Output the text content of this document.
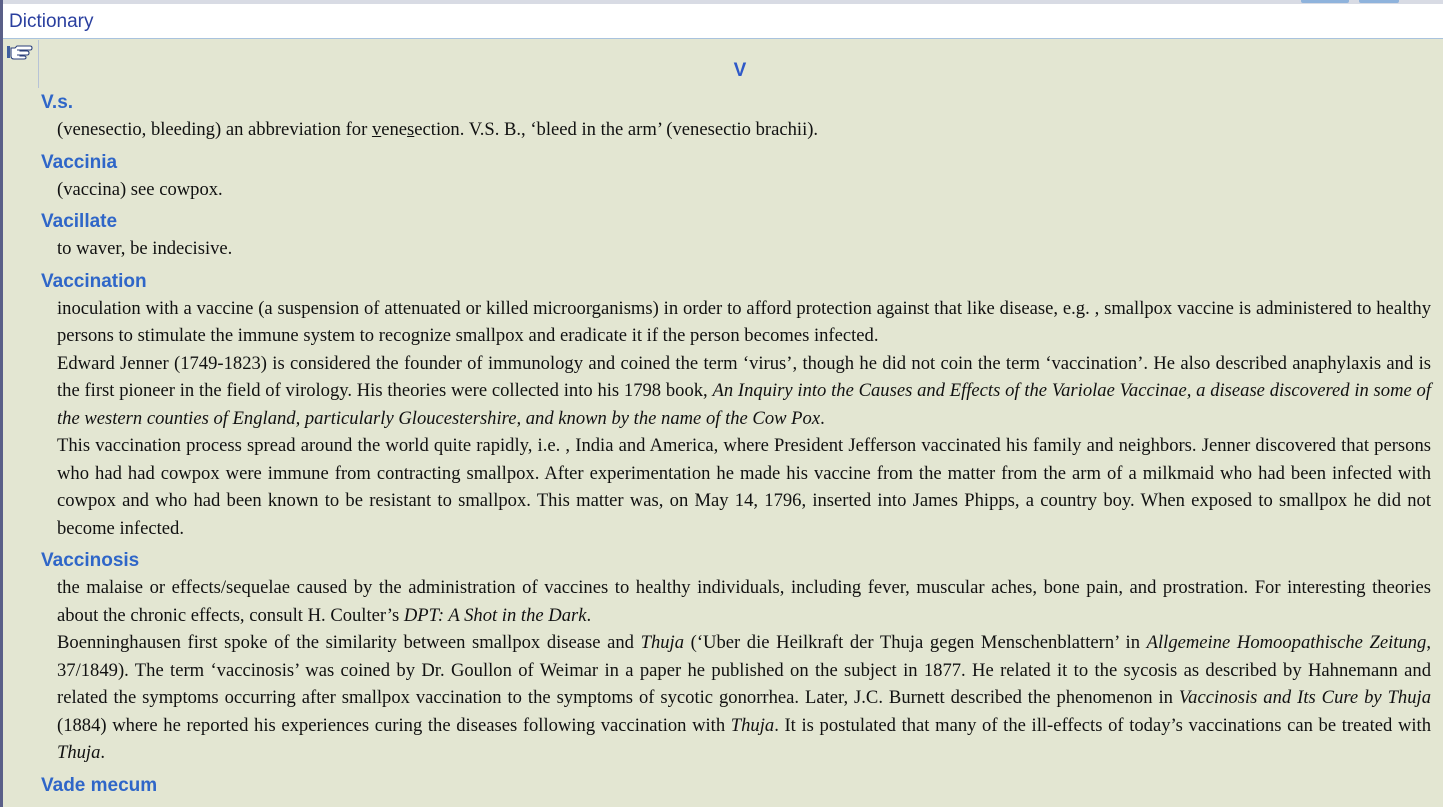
Dictionary
V
V.s.

(venesectio, bleeding) an abbreviation for venesection. V.S. B., ‘bleed in the arm’ (venesectio brachii).

Vaccinia

(vaccina) see cowpox.

Vacillate

to waver, be indecisive.

Vaccination

inoculation with a vaccine (a suspension of attenuated or killed microorganisms) in order to afford protection against that like disease, e.g. , smallpox vaccine is administered to healthy persons to stimulate the immune system to recognize smallpox and eradicate it if the person becomes infected.

Edward Jenner (1749-1823) is considered the founder of immunology and coined the term ‘virus’, though he did not coin the term ‘vaccination’. He also described anaphylaxis and is the first pioneer in the field of virology. His theories were collected into his 1798 book, An Inquiry into the Causes and Effects of the Variolae Vaccinae, a disease discovered in some of the western counties of England, particularly Gloucestershire, and known by the name of the Cow Pox.

This vaccination process spread around the world quite rapidly, i.e. , India and America, where President Jefferson vaccinated his family and neighbors. Jenner discovered that persons who had had cowpox were immune from contracting smallpox. After experimentation he made his vaccine from the matter from the arm of a milkmaid who had been infected with cowpox and who had been known to be resistant to smallpox. This matter was, on May 14, 1796, inserted into James Phipps, a country boy. When exposed to smallpox he did not become infected.

Vaccinosis

the malaise or effects/sequelae caused by the administration of vaccines to healthy individuals, including fever, muscular aches, bone pain, and prostration. For interesting theories about the chronic effects, consult H. Coulter’s DPT: A Shot in the Dark.

Boenninghausen first spoke of the similarity between smallpox disease and Thuja (‘Uber die Heilkraft der Thuja gegen Menschenblattern’ in Allgemeine Homoopathische Zeitung, 37/1849). The term ‘vaccinosis’ was coined by Dr. Goullon of Weimar in a paper he published on the subject in 1877. He related it to the sycosis as described by Hahnemann and related the symptoms occurring after smallpox vaccination to the symptoms of sycotic gonorrhea. Later, J.C. Burnett described the phenomenon in Vaccinosis and Its Cure by Thuja (1884) where he reported his experiences curing the diseases following vaccination with Thuja. It is postulated that many of the ill-effects of today’s vaccinations can be treated with Thuja.

Vade mecum
